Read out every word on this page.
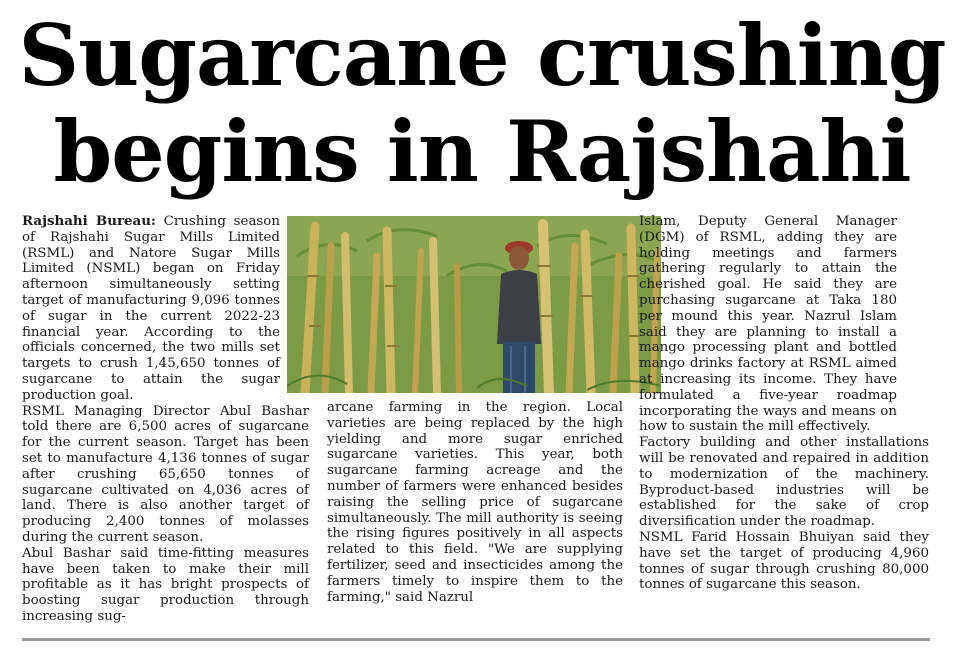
Sugarcane crushing
begins in Rajshahi

Rajshahi Bureau: Crushing season of Rajshahi Sugar Mills Limited (RSML) and Natore Sugar Mills Limited (NSML) began on Friday afternoon simultaneously setting target of manufacturing 9,096 tonnes of sugar in the current 2022-23 financial year. According to the officials concerned, the two mills set targets to crush 1,45,650 tonnes of sugarcane to attain the sugar production goal.

RSML Managing Director Abul Bashar told there are 6,500 acres of sugarcane for the current season. Target has been set to manufacture 4,136 tonnes of sugar after crushing 65,650 tonnes of sugarcane cultivated on 4,036 acres of land. There is also another target of producing 2,400 tonnes of molasses during the current season.

Abul Bashar said time-fitting measures have been taken to make their mill profitable as it has bright prospects of boosting sugar production through increasing sug-

arcane farming in the region. Local varieties are being replaced by the high yielding and more sugar enriched sugarcane varieties. This year, both sugarcane farming acreage and the number of farmers were enhanced besides raising the selling price of sugarcane simultaneously. The mill authority is seeing the rising figures positively in all aspects related to this field. "We are supplying fertilizer, seed and insecticides among the farmers timely to inspire them to the farming," said Nazrul

Islam, Deputy General Manager (DGM) of RSML, adding they are holding meetings and farmers gathering regularly to attain the cherished goal. He said they are purchasing sugarcane at Taka 180 per mound this year. Nazrul Islam said they are planning to install a mango processing plant and bottled mango drinks factory at RSML aimed at increasing its income. They have formulated a five-year roadmap incorporating the ways and means on how to sustain the mill effectively.

Factory building and other installations will be renovated and repaired in addition to modernization of the machinery. Byproduct-based industries will be established for the sake of crop diversification under the roadmap.

NSML Farid Hossain Bhuiyan said they have set the target of producing 4,960 tonnes of sugar through crushing 80,000 tonnes of sugarcane this season.
